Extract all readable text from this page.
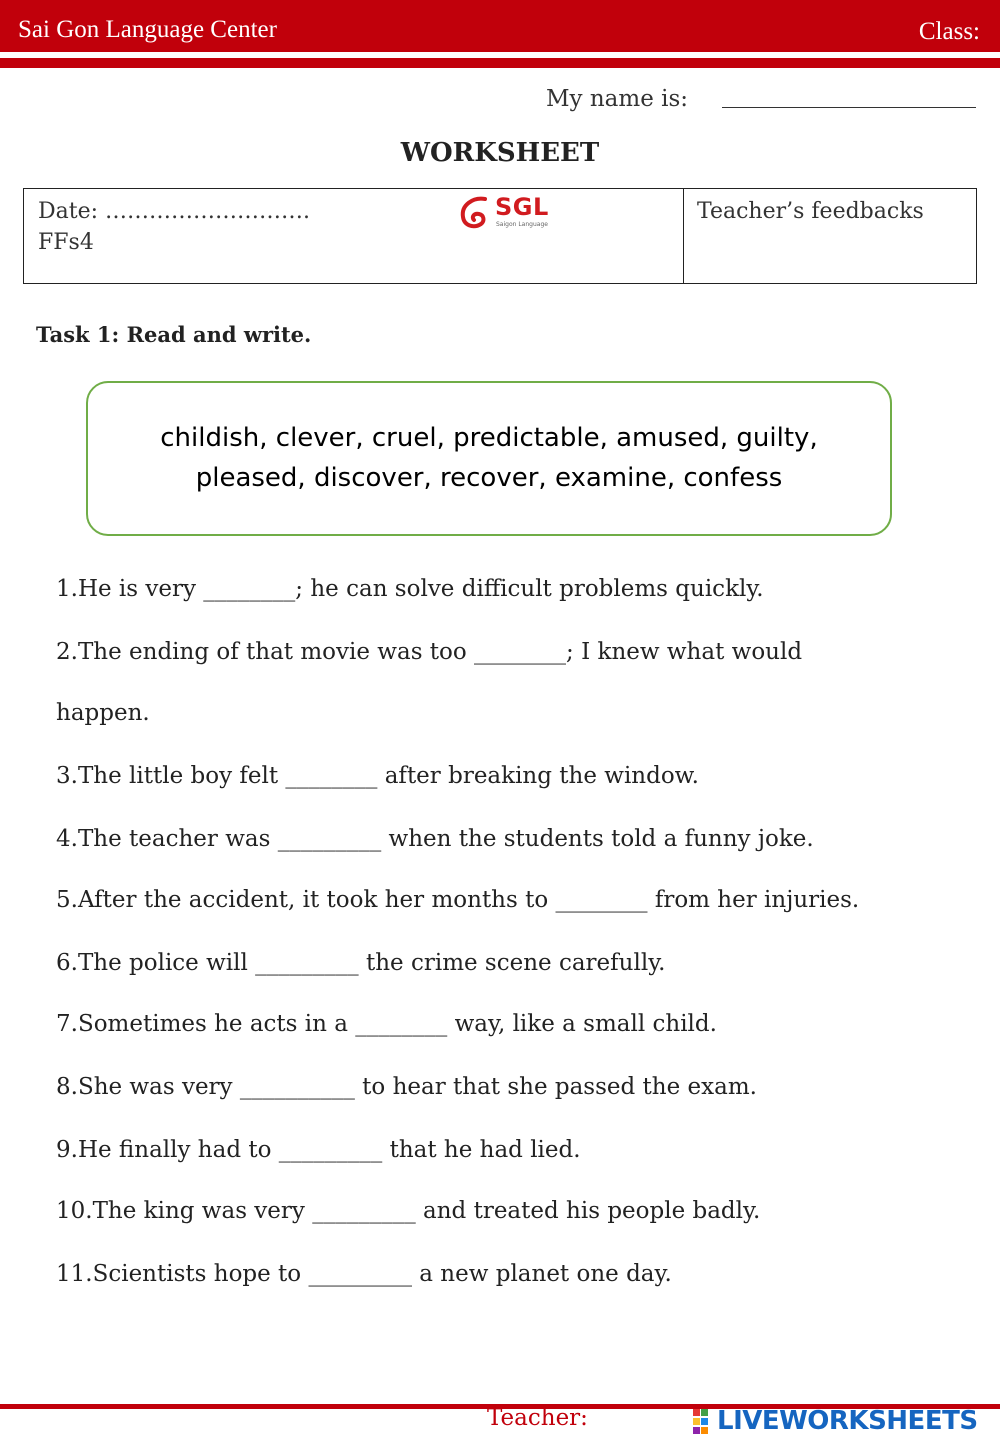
Sai Gon Language Center	Class:
My name is:
WORKSHEET
Date: ……………………….
FFs4
SGL
Saigon Language
Teacher’s feedbacks
Task 1: Read and write.
childish, clever, cruel, predictable, amused, guilty,
pleased, discover, recover, examine, confess
1.He is very ________; he can solve difficult problems quickly.
2.The ending of that movie was too ________; I knew what would
happen.
3.The little boy felt ________ after breaking the window.
4.The teacher was _________ when the students told a funny joke.
5.After the accident, it took her months to ________ from her injuries.
6.The police will _________ the crime scene carefully.
7.Sometimes he acts in a ________ way, like a small child.
8.She was very __________ to hear that she passed the exam.
9.He finally had to _________ that he had lied.
10.The king was very _________ and treated his people badly.
11.Scientists hope to _________ a new planet one day.
Teacher:	LIVEWORKSHEETS
